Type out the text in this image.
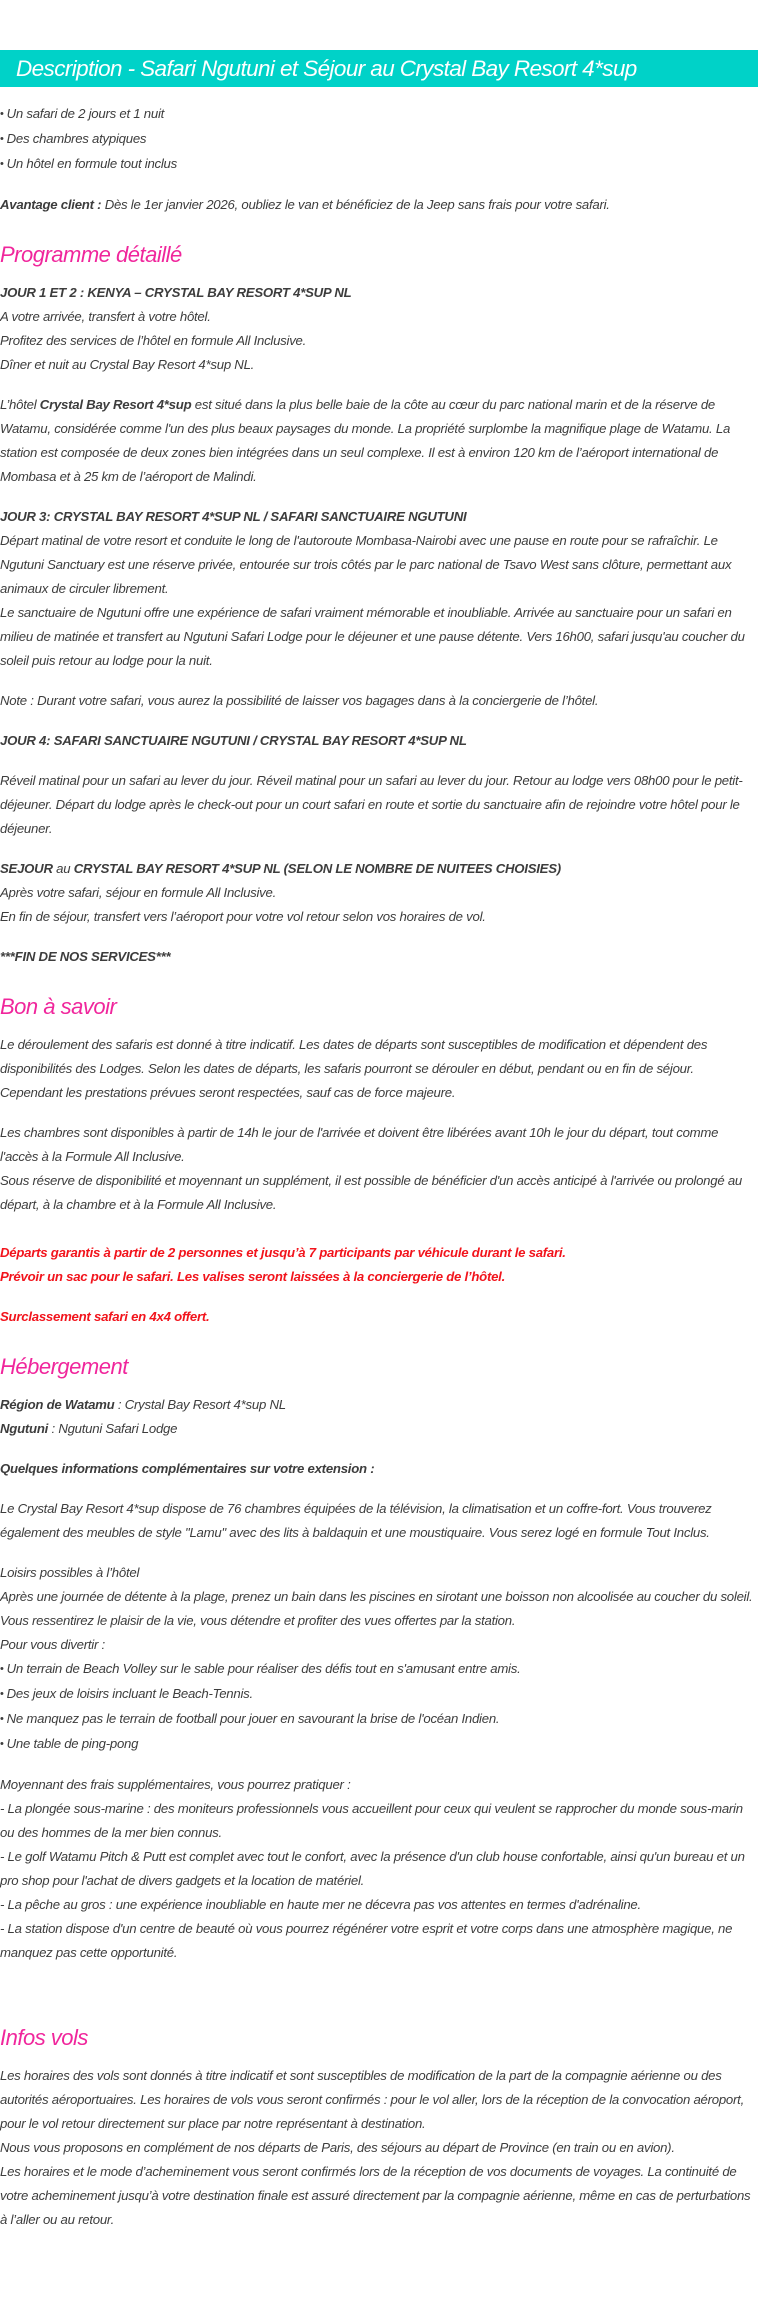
Description - Safari Ngutuni et Séjour au Crystal Bay Resort 4*sup
• Un safari de 2 jours et 1 nuit
• Des chambres atypiques
• Un hôtel en formule tout inclus

Avantage client : Dès le 1er janvier 2026, oubliez le van et bénéficiez de la Jeep sans frais pour votre safari.

Programme détaillé

JOUR 1 ET 2 : KENYA – CRYSTAL BAY RESORT 4*SUP NL

A votre arrivée, transfert à votre hôtel.

Profitez des services de l’hôtel en formule All Inclusive.

Dîner et nuit au Crystal Bay Resort 4*sup NL.

L’hôtel Crystal Bay Resort 4*sup est situé dans la plus belle baie de la côte au cœur du parc national marin et de la réserve de Watamu, considérée comme l'un des plus beaux paysages du monde. La propriété surplombe la magnifique plage de Watamu. La station est composée de deux zones bien intégrées dans un seul complexe. Il est à environ 120 km de l’aéroport international de Mombasa et à 25 km de l’aéroport de Malindi.

JOUR 3: CRYSTAL BAY RESORT 4*SUP NL / SAFARI SANCTUAIRE NGUTUNI

Départ matinal de votre resort et conduite le long de l'autoroute Mombasa-Nairobi avec une pause en route pour se rafraîchir. Le Ngutuni Sanctuary est une réserve privée, entourée sur trois côtés par le parc national de Tsavo West sans clôture, permettant aux animaux de circuler librement.

Le sanctuaire de Ngutuni offre une expérience de safari vraiment mémorable et inoubliable. Arrivée au sanctuaire pour un safari en milieu de matinée et transfert au Ngutuni Safari Lodge pour le déjeuner et une pause détente. Vers 16h00, safari jusqu'au coucher du soleil puis retour au lodge pour la nuit.

Note : Durant votre safari, vous aurez la possibilité de laisser vos bagages dans à la conciergerie de l’hôtel.

JOUR 4: SAFARI SANCTUAIRE NGUTUNI / CRYSTAL BAY RESORT 4*SUP NL

Réveil matinal pour un safari au lever du jour. Réveil matinal pour un safari au lever du jour. Retour au lodge vers 08h00 pour le petit-déjeuner. Départ du lodge après le check-out pour un court safari en route et sortie du sanctuaire afin de rejoindre votre hôtel pour le déjeuner.

SEJOUR au CRYSTAL BAY RESORT 4*SUP NL (SELON LE NOMBRE DE NUITEES CHOISIES)

Après votre safari, séjour en formule All Inclusive.

En fin de séjour, transfert vers l’aéroport pour votre vol retour selon vos horaires de vol.

***FIN DE NOS SERVICES***

Bon à savoir

Le déroulement des safaris est donné à titre indicatif. Les dates de départs sont susceptibles de modification et dépendent des disponibilités des Lodges. Selon les dates de départs, les safaris pourront se dérouler en début, pendant ou en fin de séjour. Cependant les prestations prévues seront respectées, sauf cas de force majeure.

Les chambres sont disponibles à partir de 14h le jour de l'arrivée et doivent être libérées avant 10h le jour du départ, tout comme l'accès à la Formule All Inclusive.

Sous réserve de disponibilité et moyennant un supplément, il est possible de bénéficier d'un accès anticipé à l'arrivée ou prolongé au départ, à la chambre et à la Formule All Inclusive.

Départs garantis à partir de 2 personnes et jusqu’à 7 participants par véhicule durant le safari.

Prévoir un sac pour le safari. Les valises seront laissées à la conciergerie de l’hôtel.

Surclassement safari en 4x4 offert.

Hébergement

Région de Watamu : Crystal Bay Resort 4*sup NL

Ngutuni : Ngutuni Safari Lodge

Quelques informations complémentaires sur votre extension :

Le Crystal Bay Resort 4*sup dispose de 76 chambres équipées de la télévision, la climatisation et un coffre-fort. Vous trouverez également des meubles de style "Lamu" avec des lits à baldaquin et une moustiquaire. Vous serez logé en formule Tout Inclus.

Loisirs possibles à l’hôtel

Après une journée de détente à la plage, prenez un bain dans les piscines en sirotant une boisson non alcoolisée au coucher du soleil. Vous ressentirez le plaisir de la vie, vous détendre et profiter des vues offertes par la station.

Pour vous divertir :

• Un terrain de Beach Volley sur le sable pour réaliser des défis tout en s'amusant entre amis.
• Des jeux de loisirs incluant le Beach-Tennis.
• Ne manquez pas le terrain de football pour jouer en savourant la brise de l'océan Indien.
• Une table de ping-pong

Moyennant des frais supplémentaires, vous pourrez pratiquer :

- La plongée sous-marine : des moniteurs professionnels vous accueillent pour ceux qui veulent se rapprocher du monde sous-marin ou des hommes de la mer bien connus.

- Le golf Watamu Pitch & Putt est complet avec tout le confort, avec la présence d'un club house confortable, ainsi qu'un bureau et un pro shop pour l'achat de divers gadgets et la location de matériel.

- La pêche au gros : une expérience inoubliable en haute mer ne décevra pas vos attentes en termes d'adrénaline.

- La station dispose d'un centre de beauté où vous pourrez régénérer votre esprit et votre corps dans une atmosphère magique, ne manquez pas cette opportunité.

Infos vols

Les horaires des vols sont donnés à titre indicatif et sont susceptibles de modification de la part de la compagnie aérienne ou des autorités aéroportuaires. Les horaires de vols vous seront confirmés : pour le vol aller, lors de la réception de la convocation aéroport, pour le vol retour directement sur place par notre représentant à destination.

Nous vous proposons en complément de nos départs de Paris, des séjours au départ de Province (en train ou en avion).

Les horaires et le mode d’acheminement vous seront confirmés lors de la réception de vos documents de voyages. La continuité de votre acheminement jusqu’à votre destination finale est assuré directement par la compagnie aérienne, même en cas de perturbations à l’aller ou au retour.
